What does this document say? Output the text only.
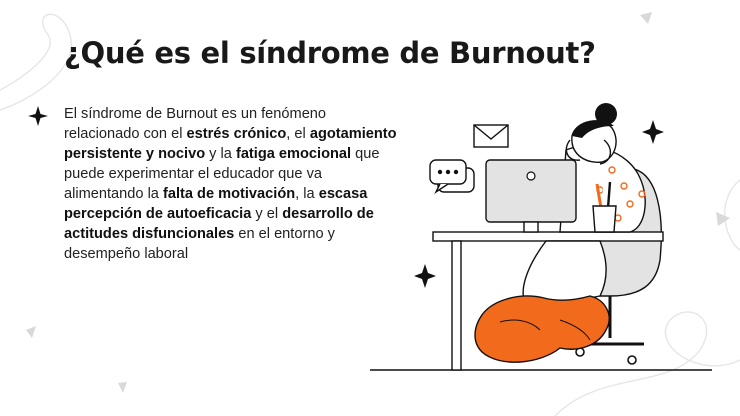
¿Qué es el síndrome de Burnout?

El síndrome de Burnout es un fenómeno relacionado con el estrés crónico, el agotamiento persistente y nocivo y la fatiga emocional que puede experimentar el educador que va alimentando la falta de motivación, la escasa percepción de autoeficacia y el desarrollo de actitudes disfuncionales en el entorno y desempeño laboral
